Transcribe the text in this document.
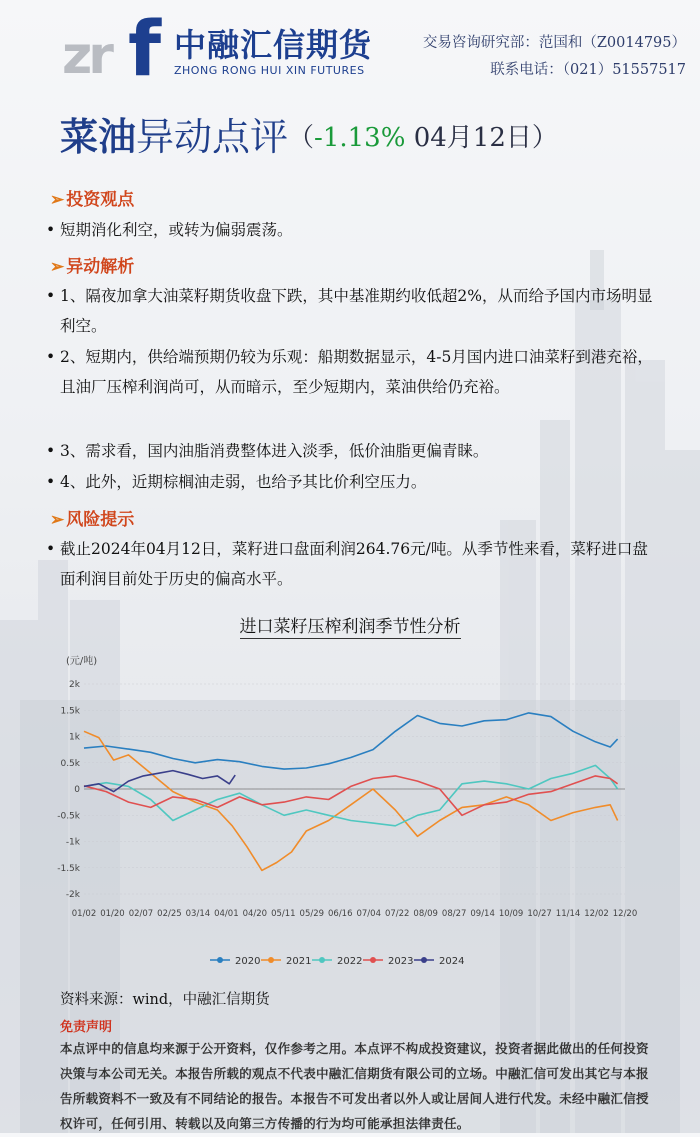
zr f 中融汇信期货
ZHONG RONG HUI XIN FUTURES
交易咨询研究部：范国和（Z0014795）
联系电话：（021）51557517
菜油异动点评（-1.13% 04月12日）
➢ 投资观点
• 短期消化利空，或转为偏弱震荡。
➢ 异动解析
• 1、隔夜加拿大油菜籽期货收盘下跌，其中基准期约收低超2%，从而给予国内市场明显利空。
• 2、短期内，供给端预期仍较为乐观：船期数据显示，4-5月国内进口油菜籽到港充裕，且油厂压榨利润尚可，从而暗示，至少短期内，菜油供给仍充裕。
• 3、需求看，国内油脂消费整体进入淡季，低价油脂更偏青睐。
• 4、此外，近期棕榈油走弱，也给予其比价利空压力。
➢ 风险提示
• 截止2024年04月12日，菜籽进口盘面利润264.76元/吨。从季节性来看，菜籽进口盘面利润目前处于历史的偏高水平。
进口菜籽压榨利润季节性分析
(元/吨)
2k
1.5k
1k
0.5k
0
-0.5k
-1k
-1.5k
-2k
01/02 01/20 02/07 02/25 03/14 04/01 04/20 05/11 05/29 06/16 07/04 07/22 08/09 08/27 09/14 10/09 10/27 11/14 12/02 12/20
2020	2021	2022	2023	2024
资料来源：wind，中融汇信期货
免责声明
本点评中的信息均来源于公开资料，仅作参考之用。本点评不构成投资建议，投资者据此做出的任何投资决策与本公司无关。本报告所载的观点不代表中融汇信期货有限公司的立场。中融汇信可发出其它与本报告所载资料不一致及有不同结论的报告。本报告不可发出者以外人或让居间人进行代发。未经中融汇信授权许可，任何引用、转载以及向第三方传播的行为均可能承担法律责任。
